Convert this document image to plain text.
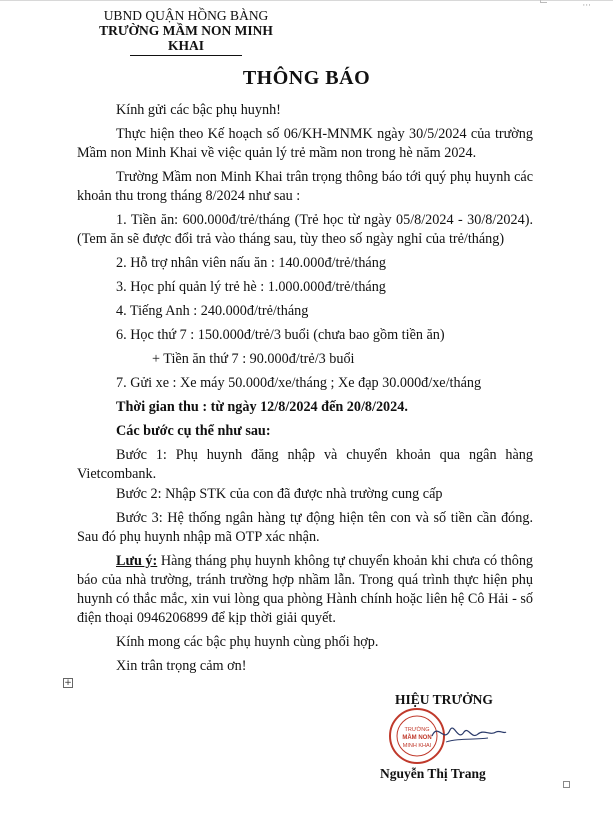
···
UBND QUẬN HỒNG BÀNG
TRƯỜNG MẦM NON MINH KHAI
THÔNG BÁO

Kính gửi các bậc phụ huynh!

Thực hiện theo Kế hoạch số 06/KH-MNMK ngày 30/5/2024 của trường Mầm non Minh Khai về việc quản lý trẻ mầm non trong hè năm 2024.

Trường Mầm non Minh Khai trân trọng thông báo tới quý phụ huynh các khoản thu trong tháng 8/2024 như sau :

1. Tiền ăn: 600.000đ/trẻ/tháng (Trẻ học từ ngày 05/8/2024 - 30/8/2024). (Tem ăn sẽ được đổi trả vào tháng sau, tùy theo số ngày nghỉ của trẻ/tháng)

2. Hỗ trợ nhân viên nấu ăn : 140.000đ/trẻ/tháng

3. Học phí quản lý trẻ hè : 1.000.000đ/trẻ/tháng

4. Tiếng Anh : 240.000đ/trẻ/tháng

6. Học thứ 7 : 150.000đ/trẻ/3 buổi (chưa bao gồm tiền ăn)

+ Tiền ăn thứ 7 : 90.000đ/trẻ/3 buổi

7. Gửi xe : Xe máy 50.000đ/xe/tháng ; Xe đạp 30.000đ/xe/tháng

Thời gian thu : từ ngày 12/8/2024 đến 20/8/2024.

Các bước cụ thể như sau:

Bước 1: Phụ huynh đăng nhập và chuyển khoản qua ngân hàng Vietcombank.

Bước 2: Nhập STK của con đã được nhà trường cung cấp

Bước 3: Hệ thống ngân hàng tự động hiện tên con và số tiền cần đóng. Sau đó phụ huynh nhập mã OTP xác nhận.

Lưu ý: Hàng tháng phụ huynh không tự chuyển khoản khi chưa có thông báo của nhà trường, tránh trường hợp nhầm lẫn. Trong quá trình thực hiện phụ huynh có thắc mắc, xin vui lòng qua phòng Hành chính hoặc liên hệ Cô Hải - số điện thoại 0946206899 để kịp thời giải quyết.

Kính mong các bậc phụ huynh cùng phối hợp.

Xin trân trọng cảm ơn!

+
HIỆU TRƯỞNG
TRƯỜNG
MẦM NON
MINH KHAI
Nguyễn Thị Trang
